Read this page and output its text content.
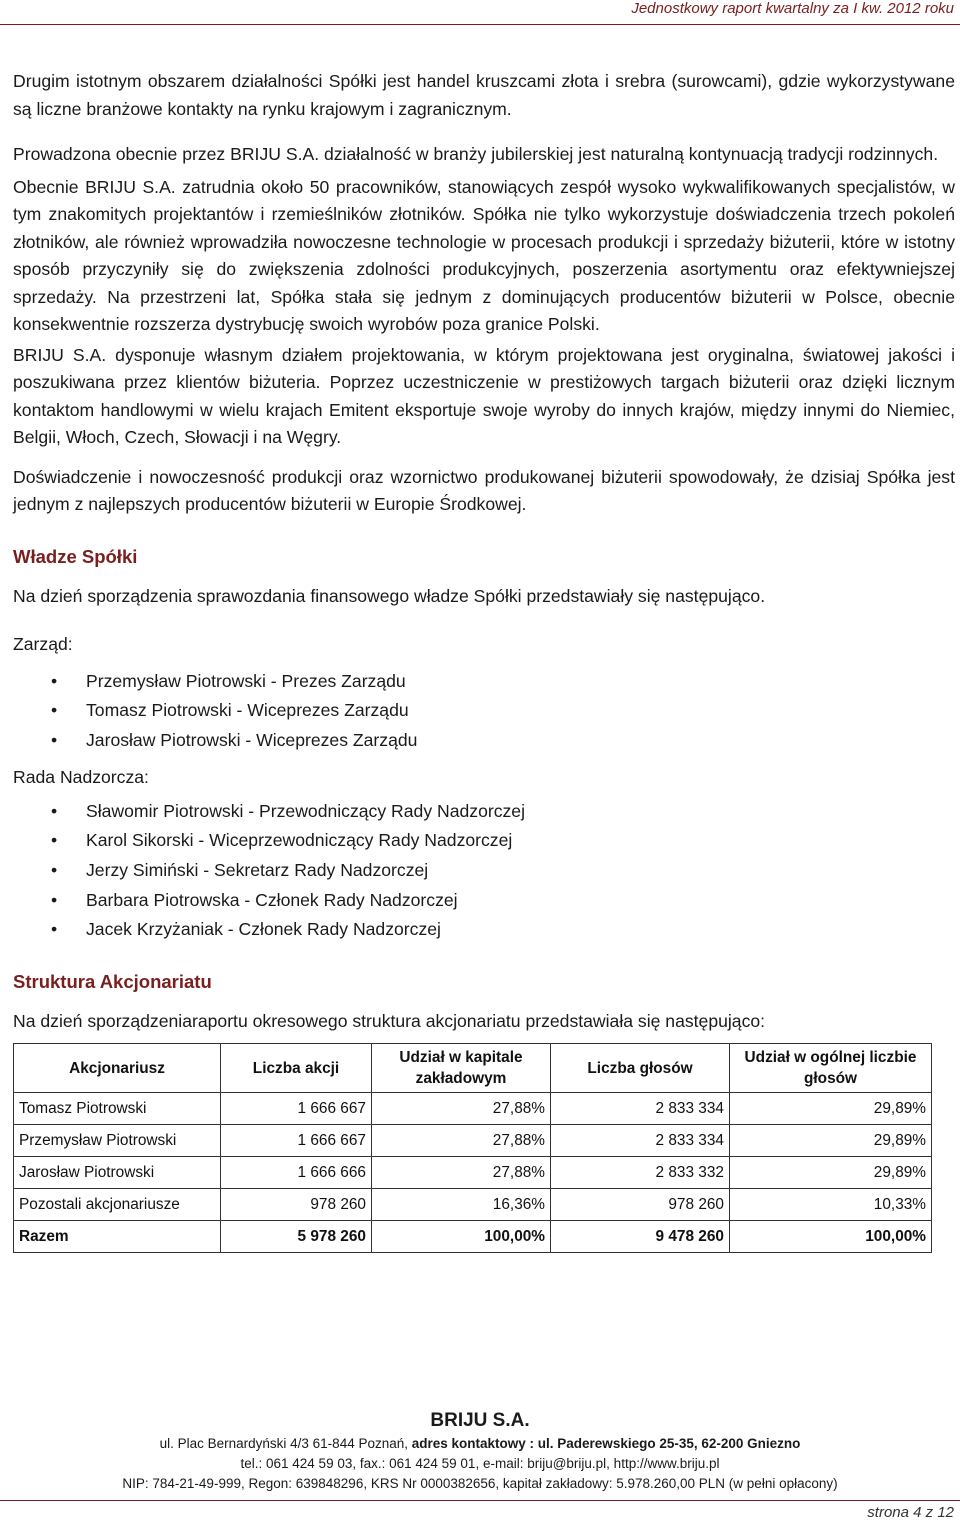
Jednostkowy raport kwartalny za I kw. 2012 roku

Drugim istotnym obszarem działalności Spółki jest handel kruszcami złota i srebra (surowcami), gdzie wykorzystywane są liczne branżowe kontakty na rynku krajowym i zagranicznym.

Prowadzona obecnie przez BRIJU S.A. działalność w branży jubilerskiej jest naturalną kontynuacją tradycji rodzinnych.

Obecnie BRIJU S.A. zatrudnia około 50 pracowników, stanowiących zespół wysoko wykwalifikowanych specjalistów, w tym znakomitych projektantów i rzemieślników złotników. Spółka nie tylko wykorzystuje doświadczenia trzech pokoleń złotników, ale również wprowadziła nowoczesne technologie w procesach produkcji i sprzedaży biżuterii, które w istotny sposób przyczyniły się do zwiększenia zdolności produkcyjnych, poszerzenia asortymentu oraz efektywniejszej sprzedaży. Na przestrzeni lat, Spółka stała się jednym z dominujących producentów biżuterii w Polsce, obecnie konsekwentnie rozszerza dystrybucję swoich wyrobów poza granice Polski.

BRIJU S.A. dysponuje własnym działem projektowania, w którym projektowana jest oryginalna, światowej jakości i poszukiwana przez klientów biżuteria. Poprzez uczestniczenie w prestiżowych targach biżuterii oraz dzięki licznym kontaktom handlowymi w wielu krajach Emitent eksportuje swoje wyroby do innych krajów, między innymi do Niemiec, Belgii, Włoch, Czech, Słowacji i na Węgry.

Doświadczenie i nowoczesność produkcji oraz wzornictwo produkowanej biżuterii spowodowały, że dzisiaj Spółka jest jednym z najlepszych producentów biżuterii w Europie Środkowej.

Władze Spółki

Na dzień sporządzenia sprawozdania finansowego władze Spółki przedstawiały się następująco.

Zarząd:

• Przemysław Piotrowski - Prezes Zarządu
• Tomasz Piotrowski - Wiceprezes Zarządu
• Jarosław Piotrowski - Wiceprezes Zarządu

Rada Nadzorcza:

• Sławomir Piotrowski - Przewodniczący Rady Nadzorczej
• Karol Sikorski - Wiceprzewodniczący Rady Nadzorczej
• Jerzy Simiński - Sekretarz Rady Nadzorczej
• Barbara Piotrowska - Członek Rady Nadzorczej
• Jacek Krzyżaniak - Członek Rady Nadzorczej
Struktura Akcjonariatu

Na dzień sporządzeniaraportu okresowego struktura akcjonariatu przedstawiała się następująco:

Akcjonariusz	Liczba akcji	Udział w kapitale zakładowym	Liczba głosów	Udział w ogólnej liczbie głosów
Tomasz Piotrowski	1 666 667	27,88%	2 833 334	29,89%
Przemysław Piotrowski	1 666 667	27,88%	2 833 334	29,89%
Jarosław Piotrowski	1 666 666	27,88%	2 833 332	29,89%
Pozostali akcjonariusze	978 260	16,36%	978 260	10,33%
Razem	5 978 260	100,00%	9 478 260	100,00%
BRIJU S.A.
ul. Plac Bernardyński 4/3 61-844 Poznań, adres kontaktowy : ul. Paderewskiego 25-35, 62-200 Gniezno
tel.: 061 424 59 03, fax.: 061 424 59 01, e-mail: briju@briju.pl, http://www.briju.pl
NIP: 784-21-49-999, Regon: 639848296, KRS Nr 0000382656, kapitał zakładowy: 5.978.260,00 PLN (w pełni opłacony)
strona 4 z 12
